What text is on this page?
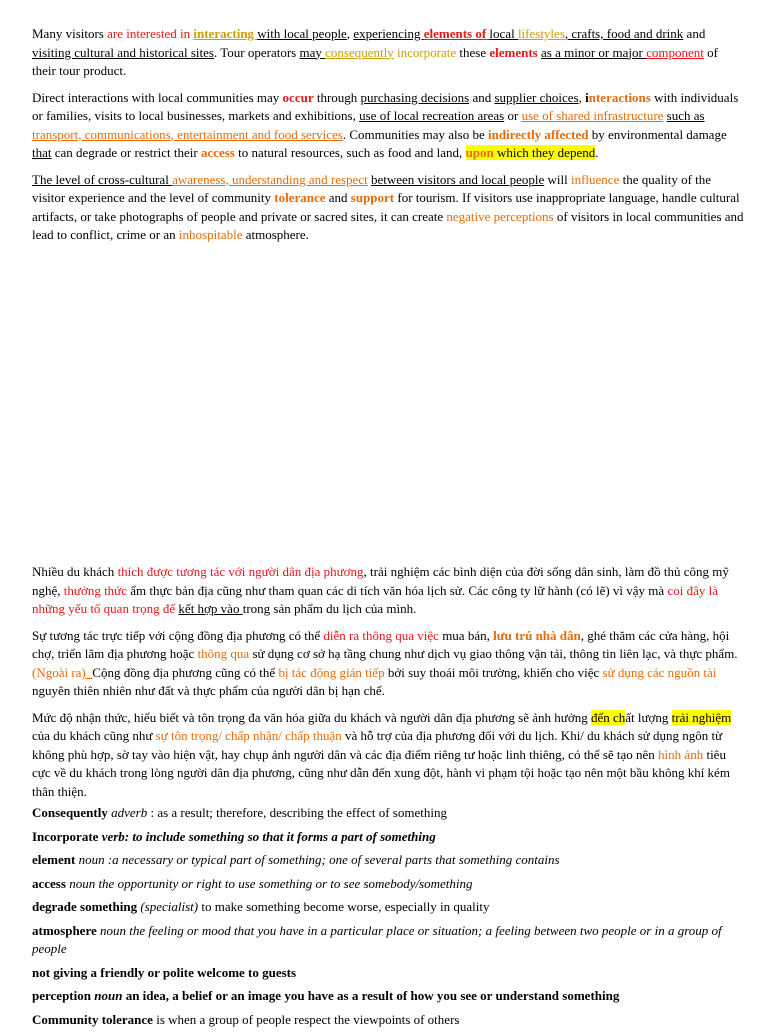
Many visitors are interested in interacting with local people, experiencing elements of local lifestyles, crafts, food and drink and visiting cultural and historical sites. Tour operators may consequently incorporate these elements as a minor or major component of their tour product.

Direct interactions with local communities may occur through purchasing decisions and supplier choices, interactions with individuals or families, visits to local businesses, markets and exhibitions, use of local recreation areas or use of shared infrastructure such as transport, communications, entertainment and food services. Communities may also be indirectly affected by environmental damage that can degrade or restrict their access to natural resources, such as food and land, upon which they depend.

The level of cross-cultural awareness, understanding and respect between visitors and local people will influence the quality of the visitor experience and the level of community tolerance and support for tourism. If visitors use inappropriate language, handle cultural artifacts, or take photographs of people and private or sacred sites, it can create negative perceptions of visitors in local communities and lead to conflict, crime or an inhospitable atmosphere.

Nhiều du khách thích được tương tác với người dân địa phương, trải nghiệm các bình diện của đời sống dân sinh, làm đồ thủ công mỹ nghệ, thưởng thức ẩm thực bản địa cũng như tham quan các di tích văn hóa lịch sử. Các công ty lữ hành (có lẽ) vì vậy mà coi đây là những yếu tố quan trọng để kết hợp vào trong sản phẩm du lịch của mình.

Sự tương tác trực tiếp với cộng đồng địa phương có thể diễn ra thông qua việc mua bán, lưu trú nhà dân, ghé thăm các cửa hàng, hội chợ, triển lãm địa phương hoặc thông qua sử dụng cơ sở hạ tầng chung như dịch vụ giao thông vận tải, thông tin liên lạc, và thực phẩm. (Ngoài ra)_Cộng đồng địa phương cũng có thể bị tác động gián tiếp bởi suy thoái môi trường, khiến cho việc sử dụng các nguồn tài nguyên thiên nhiên như đất và thực phẩm của người dân bị hạn chế.

Mức độ nhận thức, hiểu biết và tôn trọng đa văn hóa giữa du khách và người dân địa phương sẽ ảnh hưởng đến chất lượng trải nghiệm của du khách cũng như sự tôn trọng/ chấp nhận/ chấp thuận và hỗ trợ của địa phương đối với du lịch. Khi/ du khách sử dụng ngôn từ không phù hợp, sờ tay vào hiện vật, hay chụp ảnh người dân và các địa điểm riêng tư hoặc linh thiêng, có thể sẽ tạo nên hình ảnh tiêu cực về du khách trong lòng người dân địa phương, cũng như dẫn đến xung đột, hành vi phạm tội hoặc tạo nên một bầu không khí kém thân thiện.

Consequently adverb : as a result; therefore, describing the effect of something

Incorporate verb: to include something so that it forms a part of something

element noun :a necessary or typical part of something; one of several parts that something contains

access noun the opportunity or right to use something or to see somebody/something

degrade something (specialist) to make something become worse, especially in quality

atmosphere noun the feeling or mood that you have in a particular place or situation; a feeling between two people or in a group of people

not giving a friendly or polite welcome to guests

perception noun an idea, a belief or an image you have as a result of how you see or understand something

Community tolerance is when a group of people respect the viewpoints of others
